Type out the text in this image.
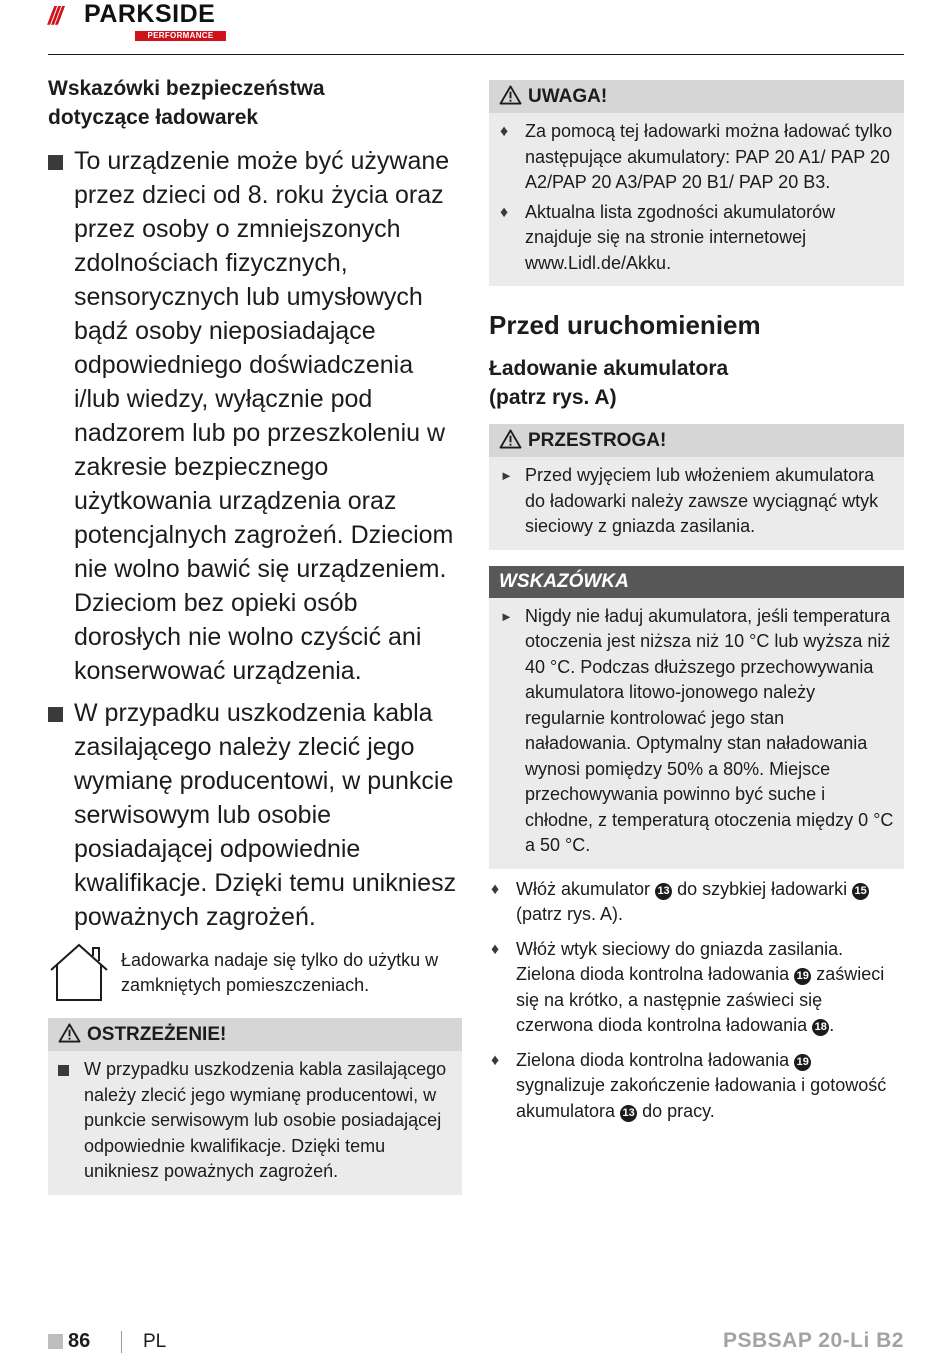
/// PARKSIDE
PERFORMANCE
Wskazówki bezpieczeństwa
dotyczące ładowarek
To urządzenie może być używane przez dzieci od 8. roku życia oraz przez osoby o zmniejszonych zdolnościach fizycznych, sensorycznych lub umysłowych bądź osoby nieposiadające odpowiedniego doświadczenia i/lub wiedzy, wyłącznie pod nadzorem lub po przeszkoleniu w zakresie bezpiecznego użytkowania urządzenia oraz potencjalnych zagrożeń. Dzieciom nie wolno bawić się urządzeniem. Dzieciom bez opieki osób dorosłych nie wolno czyścić ani konserwować urządzenia.
W przypadku uszkodzenia kabla zasilającego należy zlecić jego wymianę producentowi, w punkcie serwisowym lub osobie posiadającej odpowiednie kwalifikacje. Dzięki temu unikniesz poważnych zagrożeń.
Ładowarka nadaje się tylko do użytku w zamkniętych pomieszczeniach.
OSTRZEŻENIE!
W przypadku uszkodzenia kabla zasilającego należy zlecić jego wymianę producentowi, w punkcie serwisowym lub osobie posiadającej odpowiednie kwalifikacje. Dzięki temu unikniesz poważnych zagrożeń.
UWAGA!
♦ Za pomocą tej ładowarki można ładować tylko następujące akumulatory: PAP 20 A1/ PAP 20 A2/PAP 20 A3/PAP 20 B1/ PAP 20 B3.
♦ Aktualna lista zgodności akumulatorów znajduje się na stronie internetowej www.Lidl.de/Akku.
Przed uruchomieniem
Ładowanie akumulatora
(patrz rys. A)
PRZESTROGA!
► Przed wyjęciem lub włożeniem akumulatora do ładowarki należy zawsze wyciągnąć wtyk sieciowy z gniazda zasilania.
WSKAZÓWKA
► Nigdy nie ładuj akumulatora, jeśli temperatura otoczenia jest niższa niż 10 °C lub wyższa niż 40 °C. Podczas dłuższego przechowywania akumulatora litowo-jonowego należy regularnie kontrolować jego stan naładowania. Optymalny stan naładowania wynosi pomiędzy 50% a 80%. Miejsce przechowywania powinno być suche i chłodne, z temperaturą otoczenia między 0 °C a 50 °C.
♦ Włóż akumulator 13 do szybkiej ładowarki 15 (patrz rys. A).
♦ Włóż wtyk sieciowy do gniazda zasilania. Zielona dioda kontrolna ładowania 19 zaświeci się na krótko, a następnie zaświeci się czerwona dioda kontrolna ładowania 18 .
♦ Zielona dioda kontrolna ładowania 19 sygnalizuje zakończenie ładowania i gotowość akumulatora 13 do pracy.
86	PL	PSBSAP 20-Li B2
